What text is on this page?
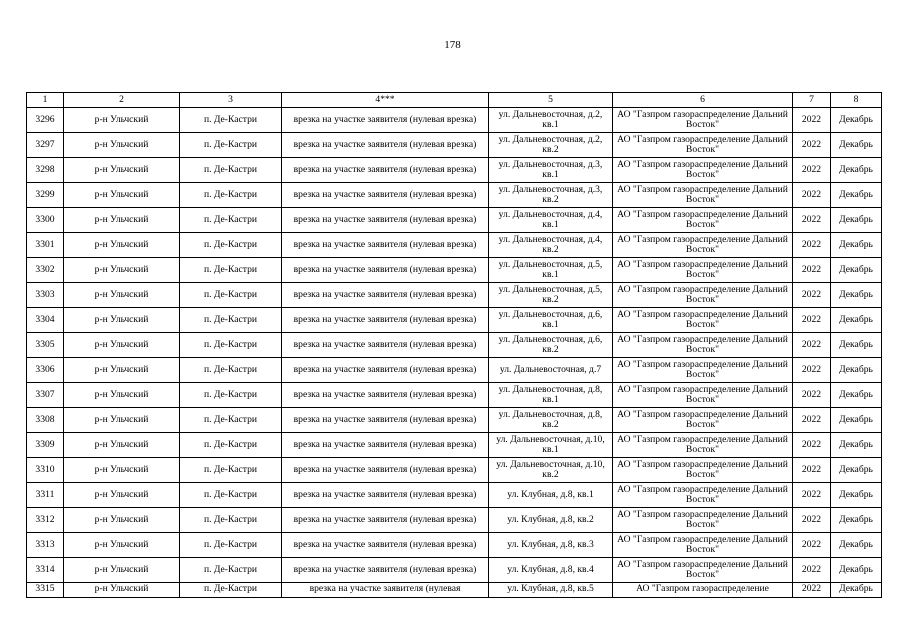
178
1	2	3	4***	5	6	7	8
3296	р-н Ульчский	п. Де-Кастри	врезка на участке заявителя (нулевая врезка)	ул. Дальневосточная, д.2, кв.1	АО "Газпром газораспределение Дальний Восток"	2022	Декабрь
3297	р-н Ульчский	п. Де-Кастри	врезка на участке заявителя (нулевая врезка)	ул. Дальневосточная, д.2, кв.2	АО "Газпром газораспределение Дальний Восток"	2022	Декабрь
3298	р-н Ульчский	п. Де-Кастри	врезка на участке заявителя (нулевая врезка)	ул. Дальневосточная, д.3, кв.1	АО "Газпром газораспределение Дальний Восток"	2022	Декабрь
3299	р-н Ульчский	п. Де-Кастри	врезка на участке заявителя (нулевая врезка)	ул. Дальневосточная, д.3, кв.2	АО "Газпром газораспределение Дальний Восток"	2022	Декабрь
3300	р-н Ульчский	п. Де-Кастри	врезка на участке заявителя (нулевая врезка)	ул. Дальневосточная, д.4, кв.1	АО "Газпром газораспределение Дальний Восток"	2022	Декабрь
3301	р-н Ульчский	п. Де-Кастри	врезка на участке заявителя (нулевая врезка)	ул. Дальневосточная, д.4, кв.2	АО "Газпром газораспределение Дальний Восток"	2022	Декабрь
3302	р-н Ульчский	п. Де-Кастри	врезка на участке заявителя (нулевая врезка)	ул. Дальневосточная, д.5, кв.1	АО "Газпром газораспределение Дальний Восток"	2022	Декабрь
3303	р-н Ульчский	п. Де-Кастри	врезка на участке заявителя (нулевая врезка)	ул. Дальневосточная, д.5, кв.2	АО "Газпром газораспределение Дальний Восток"	2022	Декабрь
3304	р-н Ульчский	п. Де-Кастри	врезка на участке заявителя (нулевая врезка)	ул. Дальневосточная, д.6, кв.1	АО "Газпром газораспределение Дальний Восток"	2022	Декабрь
3305	р-н Ульчский	п. Де-Кастри	врезка на участке заявителя (нулевая врезка)	ул. Дальневосточная, д.6, кв.2	АО "Газпром газораспределение Дальний Восток"	2022	Декабрь
3306	р-н Ульчский	п. Де-Кастри	врезка на участке заявителя (нулевая врезка)	ул. Дальневосточная, д.7	АО "Газпром газораспределение Дальний Восток"	2022	Декабрь
3307	р-н Ульчский	п. Де-Кастри	врезка на участке заявителя (нулевая врезка)	ул. Дальневосточная, д.8, кв.1	АО "Газпром газораспределение Дальний Восток"	2022	Декабрь
3308	р-н Ульчский	п. Де-Кастри	врезка на участке заявителя (нулевая врезка)	ул. Дальневосточная, д.8, кв.2	АО "Газпром газораспределение Дальний Восток"	2022	Декабрь
3309	р-н Ульчский	п. Де-Кастри	врезка на участке заявителя (нулевая врезка)	ул. Дальневосточная, д.10, кв.1	АО "Газпром газораспределение Дальний Восток"	2022	Декабрь
3310	р-н Ульчский	п. Де-Кастри	врезка на участке заявителя (нулевая врезка)	ул. Дальневосточная, д.10, кв.2	АО "Газпром газораспределение Дальний Восток"	2022	Декабрь
3311	р-н Ульчский	п. Де-Кастри	врезка на участке заявителя (нулевая врезка)	ул. Клубная, д.8, кв.1	АО "Газпром газораспределение Дальний Восток"	2022	Декабрь
3312	р-н Ульчский	п. Де-Кастри	врезка на участке заявителя (нулевая врезка)	ул. Клубная, д.8, кв.2	АО "Газпром газораспределение Дальний Восток"	2022	Декабрь
3313	р-н Ульчский	п. Де-Кастри	врезка на участке заявителя (нулевая врезка)	ул. Клубная, д.8, кв.3	АО "Газпром газораспределение Дальний Восток"	2022	Декабрь
3314	р-н Ульчский	п. Де-Кастри	врезка на участке заявителя (нулевая врезка)	ул. Клубная, д.8, кв.4	АО "Газпром газораспределение Дальний Восток"	2022	Декабрь
3315	р-н Ульчский	п. Де-Кастри	врезка на участке заявителя (нулевая	ул. Клубная, д.8, кв.5	АО "Газпром газораспределение	2022	Декабрь
